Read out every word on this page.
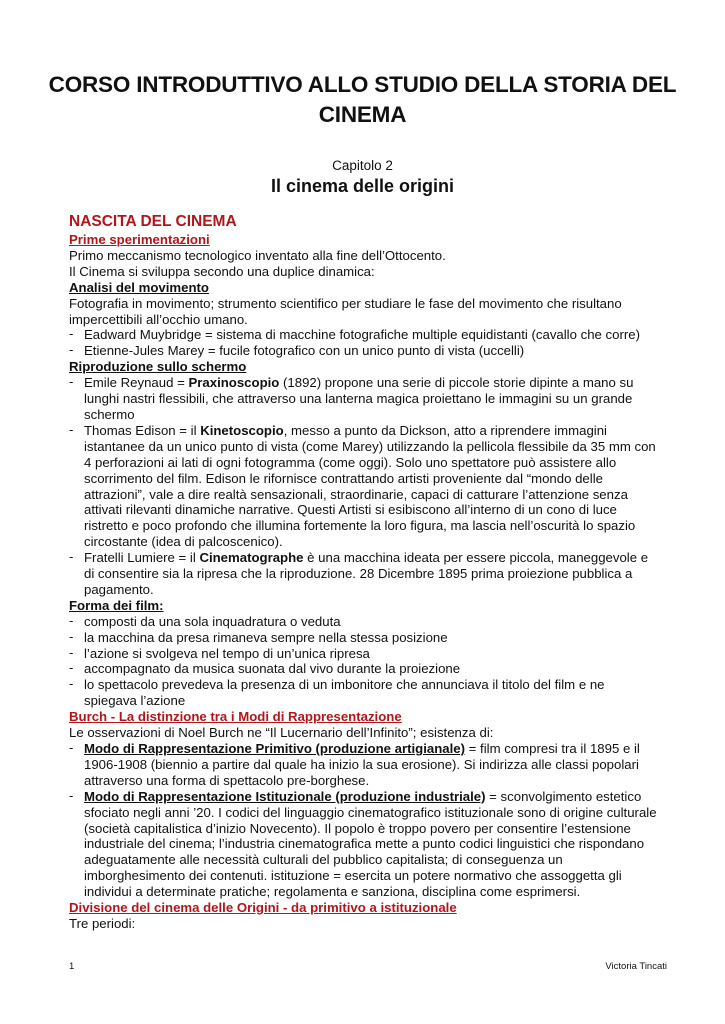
CORSO INTRODUTTIVO ALLO STUDIO DELLA STORIA DEL CINEMA
Capitolo 2
Il cinema delle origini

NASCITA DEL CINEMA

Prime sperimentazioni

Primo meccanismo tecnologico inventato alla fine dell’Ottocento.

Il Cinema si sviluppa secondo una duplice dinamica:

Analisi del movimento

Fotografia in movimento; strumento scientifico per studiare le fase del movimento che risultano impercettibili all’occhio umano.

- Eadward Muybridge = sistema di macchine fotografiche multiple equidistanti (cavallo che corre)

- Etienne-Jules Marey = fucile fotografico con un unico punto di vista (uccelli)

Riproduzione sullo schermo

- Emile Reynaud = Praxinoscopio (1892) propone una serie di piccole storie dipinte a mano su lunghi nastri flessibili, che attraverso una lanterna magica proiettano le immagini su un grande schermo

- Thomas Edison = il Kinetoscopio, messo a punto da Dickson, atto a riprendere immagini istantanee da un unico punto di vista (come Marey) utilizzando la pellicola flessibile da 35 mm con 4 perforazioni ai lati di ogni fotogramma (come oggi). Solo uno spettatore può assistere allo scorrimento del film. Edison le rifornisce contrattando artisti proveniente dal “mondo delle attrazioni”, vale a dire realtà sensazionali, straordinarie, capaci di catturare l’attenzione senza attivati rilevanti dinamiche narrative. Questi Artisti si esibiscono all’interno di un cono di luce ristretto e poco profondo che illumina fortemente la loro figura, ma lascia nell’oscurità lo spazio circostante (idea di palcoscenico).

- Fratelli Lumiere = il Cinematographe è una macchina ideata per essere piccola, maneggevole e di consentire sia la ripresa che la riproduzione. 28 Dicembre 1895 prima proiezione pubblica a pagamento.

Forma dei film:

- composti da una sola inquadratura o veduta

- la macchina da presa rimaneva sempre nella stessa posizione

- l’azione si svolgeva nel tempo di un’unica ripresa

- accompagnato da musica suonata dal vivo durante la proiezione

- lo spettacolo prevedeva la presenza di un imbonitore che annunciava il titolo del film e ne spiegava l’azione

Burch - La distinzione tra i Modi di Rappresentazione

Le osservazioni di Noel Burch ne “Il Lucernario dell’Infinito”; esistenza di:

- Modo di Rappresentazione Primitivo (produzione artigianale) = film compresi tra il 1895 e il 1906-1908 (biennio a partire dal quale ha inizio la sua erosione). Si indirizza alle classi popolari attraverso una forma di spettacolo pre-borghese.

- Modo di Rappresentazione Istituzionale (produzione industriale) = sconvolgimento estetico sfociato negli anni ’20. I codici del linguaggio cinematografico istituzionale sono di origine culturale (società capitalistica d’inizio Novecento). Il popolo è troppo povero per consentire l’estensione industriale del cinema; l’industria cinematografica mette a punto codici linguistici che rispondano adeguatamente alle necessità culturali del pubblico capitalista; di conseguenza un imborghesimento dei contenuti. istituzione = esercita un potere normativo che assoggetta gli individui a determinate pratiche; regolamenta e sanziona, disciplina come esprimersi.

Divisione del cinema delle Origini - da primitivo a istituzionale

Tre periodi:

1	Victoria Tincati
